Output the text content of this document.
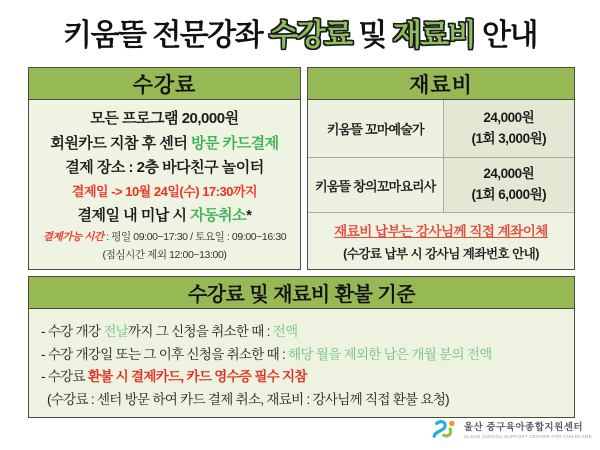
키움뜰 전문강좌 수강료 및 재료비 안내
수강료
모든 프로그램 20,000원
회원카드 지참 후 센터 방문 카드결제
결제 장소 : 2층 바다친구 놀이터
결제일 -> 10월 24일(수) 17:30까지
결제일 내 미납 시 자동취소*
결제가능 시간 : 평일 09:00~17:30 / 토요일 : 09:00~16:30
(점심시간 제외 12:00~13:00)
재료비
키움뜰 꼬마예술가
24,000원
(1회 3,000원)
키움뜰 창의꼬마요리사
24,000원
(1회 6,000원)
재료비 납부는 강사님께 직접 계좌이체
(수강료 납부 시 강사님 계좌번호 안내)
수강료 및 재료비 환불 기준
- 수강 개강 전날까지 그 신청을 취소한 때 : 전액
- 수강 개강일 또는 그 이후 신청을 취소한 때 : 해당 월을 제외한 남은 개월 분의 전액
- 수강료 환불 시 결제카드, 카드 영수증 필수 지참
(수강료 : 센터 방문 하여 카드 결제 취소, 재료비 : 강사님께 직접 환불 요청)
울산 중구육아종합지원센터
ULSAN JUNGGU SUPPORT CENTER FOR CHILDCARE
